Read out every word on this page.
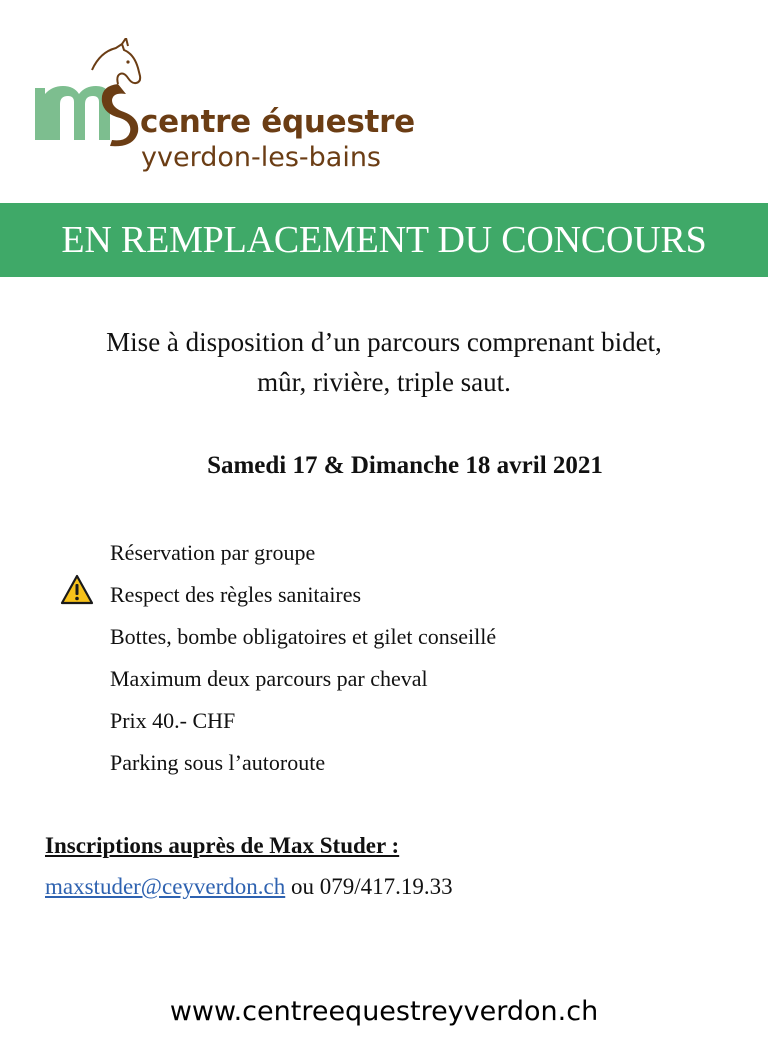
centre équestre
yverdon-les-bains
EN REMPLACEMENT DU CONCOURS
Mise à disposition d’un parcours comprenant bidet,
mûr, rivière, triple saut.
Samedi 17 & Dimanche 18 avril 2021
Réservation par groupe
Respect des règles sanitaires
Bottes, bombe obligatoires et gilet conseillé
Maximum deux parcours par cheval
Prix 40.- CHF
Parking sous l’autoroute
Inscriptions auprès de Max Studer :
maxstuder@ceyverdon.ch ou 079/417.19.33
www.centreequestreyverdon.ch
